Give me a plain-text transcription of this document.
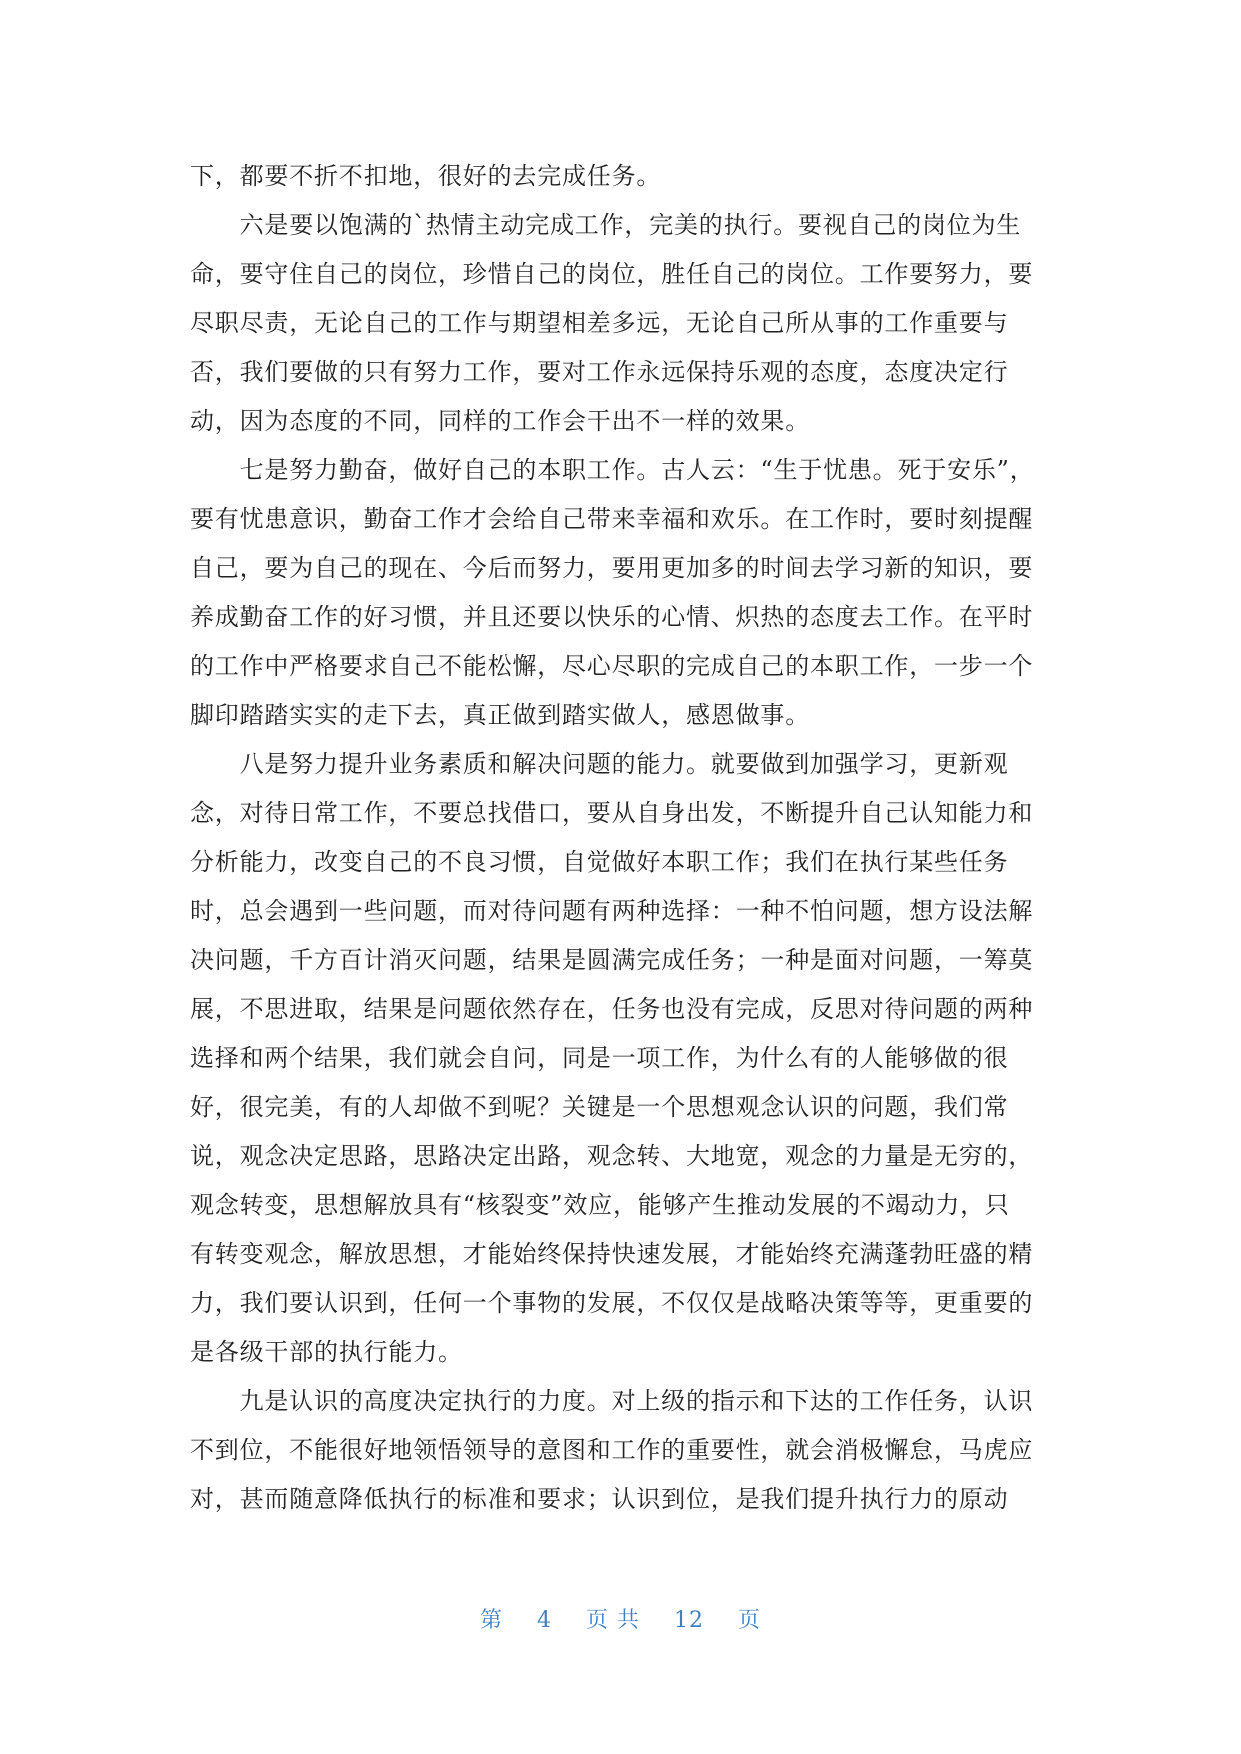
下，都要不折不扣地，很好的去完成任务。
　　六是要以饱满的`热情主动完成工作，完美的执行。要视自己的岗位为生
命，要守住自己的岗位，珍惜自己的岗位，胜任自己的岗位。工作要努力，要
尽职尽责，无论自己的工作与期望相差多远，无论自己所从事的工作重要与
否，我们要做的只有努力工作，要对工作永远保持乐观的态度，态度决定行
动，因为态度的不同，同样的工作会干出不一样的效果。
　　七是努力勤奋，做好自己的本职工作。古人云：“生于忧患。死于安乐”，
要有忧患意识，勤奋工作才会给自己带来幸福和欢乐。在工作时，要时刻提醒
自己，要为自己的现在、今后而努力，要用更加多的时间去学习新的知识，要
养成勤奋工作的好习惯，并且还要以快乐的心情、炽热的态度去工作。在平时
的工作中严格要求自己不能松懈，尽心尽职的完成自己的本职工作，一步一个
脚印踏踏实实的走下去，真正做到踏实做人，感恩做事。
　　八是努力提升业务素质和解决问题的能力。就要做到加强学习，更新观
念，对待日常工作，不要总找借口，要从自身出发，不断提升自己认知能力和
分析能力，改变自己的不良习惯，自觉做好本职工作；我们在执行某些任务
时，总会遇到一些问题，而对待问题有两种选择：一种不怕问题，想方设法解
决问题，千方百计消灭问题，结果是圆满完成任务；一种是面对问题，一筹莫
展，不思进取，结果是问题依然存在，任务也没有完成，反思对待问题的两种
选择和两个结果，我们就会自问，同是一项工作，为什么有的人能够做的很
好，很完美，有的人却做不到呢？关键是一个思想观念认识的问题，我们常
说，观念决定思路，思路决定出路，观念转、大地宽，观念的力量是无穷的，
观念转变，思想解放具有“核裂变”效应，能够产生推动发展的不竭动力，只
有转变观念，解放思想，才能始终保持快速发展，才能始终充满蓬勃旺盛的精
力，我们要认识到，任何一个事物的发展，不仅仅是战略决策等等，更重要的
是各级干部的执行能力。
　　九是认识的高度决定执行的力度。对上级的指示和下达的工作任务，认识
不到位，不能很好地领悟领导的意图和工作的重要性，就会消极懈怠，马虎应
对，甚而随意降低执行的标准和要求；认识到位，是我们提升执行力的原动
第 4 页 共 12 页
